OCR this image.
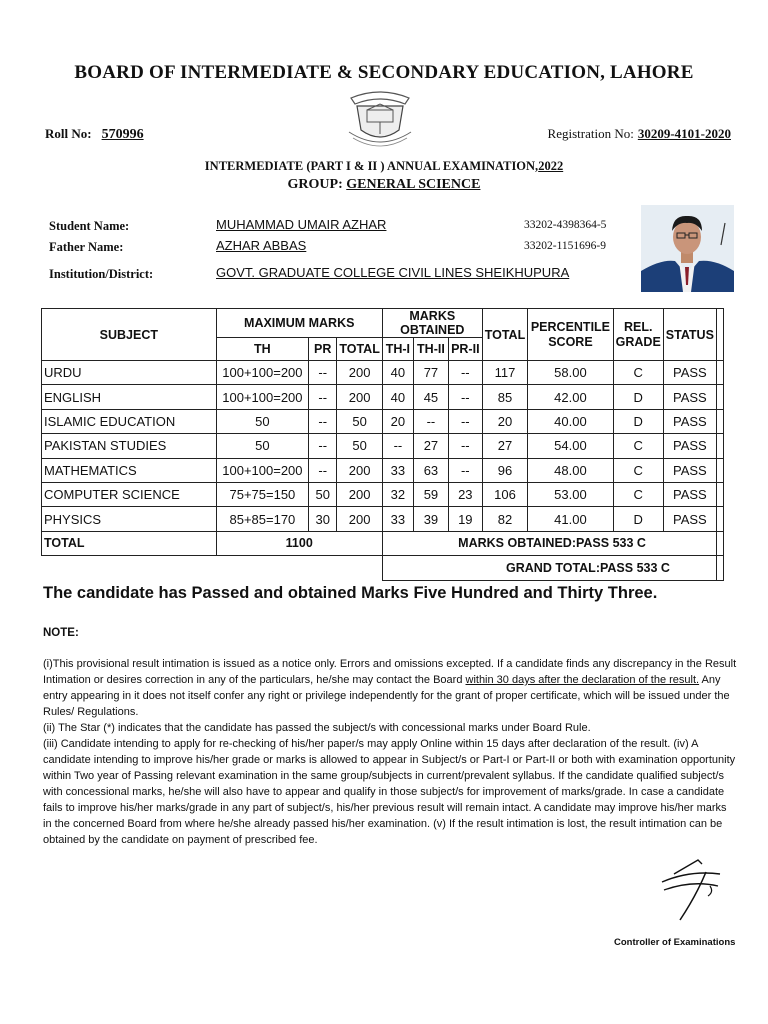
BOARD OF INTERMEDIATE & SECONDARY EDUCATION, LAHORE
Roll No: 570996	Registration No: 30209-4101-2020
INTERMEDIATE (PART I & II ) ANNUAL EXAMINATION,2022
GROUP: GENERAL SCIENCE
Student Name:	MUHAMMAD UMAIR AZHAR	33202-4398364-5
Father Name:	AZHAR ABBAS	33202-1151696-9
Institution/District:	GOVT. GRADUATE COLLEGE CIVIL LINES SHEIKHUPURA
SUBJECT	MAXIMUM MARKS			MARKS OBTAINED			TOTAL	PERCENTILE SCORE	REL. GRADE	STATUS	
	TH	PR	TOTAL	TH-I	TH-II	PR-II					
URDU	100+100=200	--	200	40	77	--	117	58.00	C	PASS	
ENGLISH	100+100=200	--	200	40	45	--	85	42.00	D	PASS	
ISLAMIC EDUCATION	50	--	50	20	--	--	20	40.00	D	PASS	
PAKISTAN STUDIES	50	--	50	--	27	--	27	54.00	C	PASS	
MATHEMATICS	100+100=200	--	200	33	63	--	96	48.00	C	PASS	
COMPUTER SCIENCE	75+75=150	50	200	32	59	23	106	53.00	C	PASS	
PHYSICS	85+85=170	30	200	33	39	19	82	41.00	D	PASS	
TOTAL	1100			MARKS OBTAINED:PASS 533 C							
				GRAND TOTAL:PASS 533 C							
The candidate has Passed and obtained Marks Five Hundred and Thirty Three.
NOTE:
(i)This provisional result intimation is issued as a notice only. Errors and omissions excepted. If a candidate finds any discrepancy in the Result Intimation or desires correction in any of the particulars, he/she may contact the Board within 30 days after the declaration of the result. Any entry appearing in it does not itself confer any right or privilege independently for the grant of proper certificate, which will be issued under the Rules/ Regulations.
(ii) The Star (*) indicates that the candidate has passed the subject/s with concessional marks under Board Rule.
(iii) Candidate intending to apply for re-checking of his/her paper/s may apply Online within 15 days after declaration of the result. (iv) A candidate intending to improve his/her grade or marks is allowed to appear in Subject/s or Part-I or Part-II or both with examination opportunity within Two year of Passing relevant examination in the same group/subjects in current/prevalent syllabus. If the candidate qualified subject/s with concessional marks, he/she will also have to appear and qualify in those subject/s for improvement of marks/grade. In case a candidate fails to improve his/her marks/grade in any part of subject/s, his/her previous result will remain intact. A candidate may improve his/her marks in the concerned Board from where he/she already passed his/her examination. (v) If the result intimation is lost, the result intimation can be obtained by the candidate on payment of prescribed fee.
Controller of Examinations
